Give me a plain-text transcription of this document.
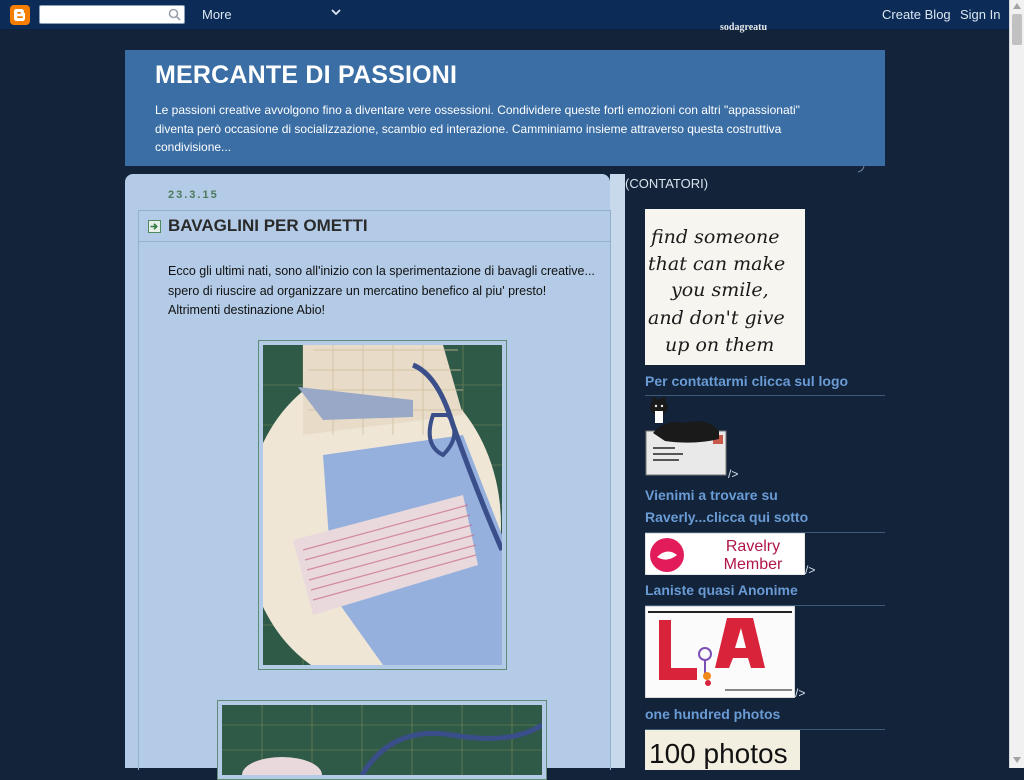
More	Create Blog Sign In
sodagreatu
MERCANTE DI PASSIONI

Le passioni creative avvolgono fino a diventare vere ossessioni. Condividere queste forti emozioni con altri "appassionati" diventa però occasione di socializzazione, scambio ed interazione. Camminiamo insieme attraverso questa costruttiva condivisione...

23.3.15
BAVAGLINI PER OMETTI

Ecco gli ultimi nati, sono all'inizio con la sperimentazione di bavagli creative... spero di riuscire ad organizzare un mercatino benefico al piu' presto! Altrimenti destinazione Abio!

(CONTATORI)
find someone
that can make
you smile,
and don't give
up on them
Per contattarmi clicca sul logo
/>
Vienimi a trovare su Raverly...clicca qui sotto
Ravelry
Member />
Laniste quasi Anonime
/>
one hundred photos
100 photos
